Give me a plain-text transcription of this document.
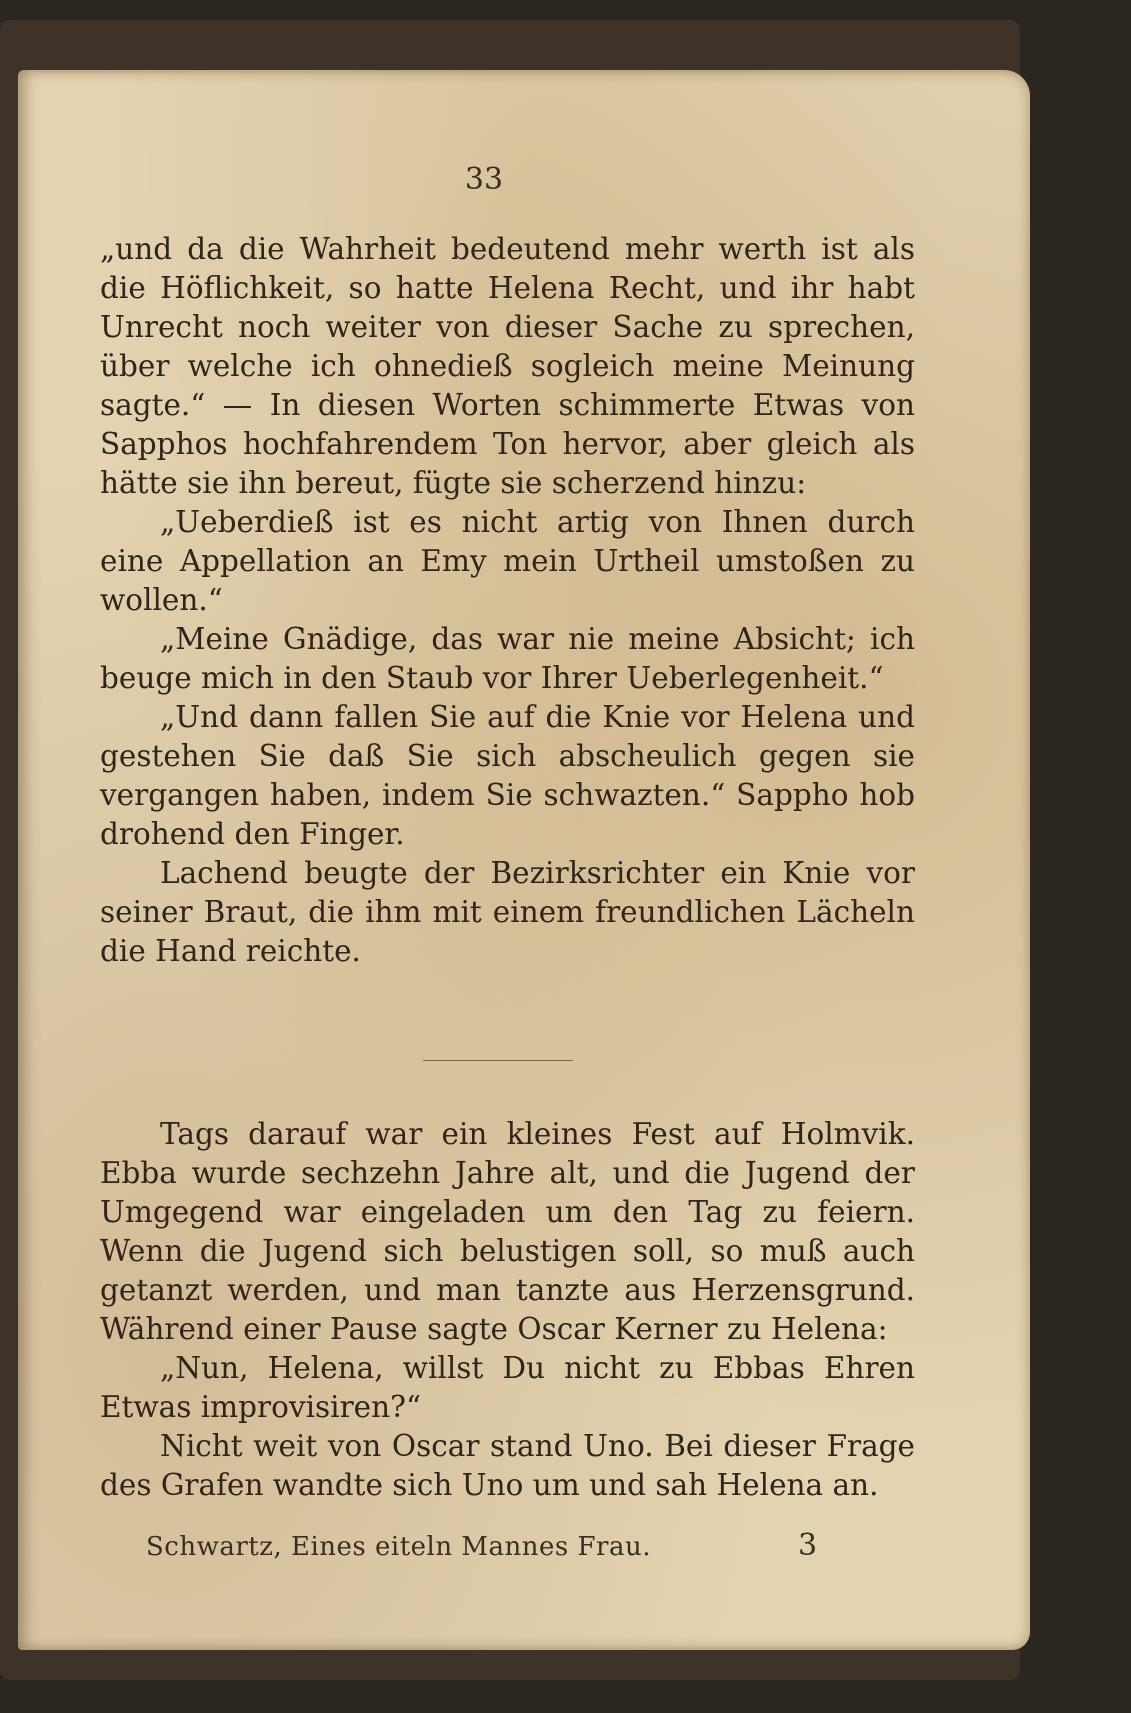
33

„und da die Wahrheit bedeutend mehr werth ist als die Höflichkeit, so hatte Helena Recht, und ihr habt Unrecht noch weiter von dieser Sache zu sprechen, über welche ich ohnedieß sogleich meine Meinung sagte.“ — In diesen Worten schimmerte Etwas von Sapphos hochfahrendem Ton hervor, aber gleich als hätte sie ihn bereut, fügte sie scherzend hinzu:

„Ueberdieß ist es nicht artig von Ihnen durch eine Appellation an Emy mein Urtheil umstoßen zu wollen.“

„Meine Gnädige, das war nie meine Absicht; ich beuge mich in den Staub vor Ihrer Ueberlegenheit.“

„Und dann fallen Sie auf die Knie vor Helena und gestehen Sie daß Sie sich abscheulich gegen sie vergangen haben, indem Sie schwazten.“ Sappho hob drohend den Finger.

Lachend beugte der Bezirksrichter ein Knie vor seiner Braut, die ihm mit einem freundlichen Lächeln die Hand reichte.

Tags darauf war ein kleines Fest auf Holmvik. Ebba wurde sechzehn Jahre alt, und die Jugend der Umgegend war eingeladen um den Tag zu feiern. Wenn die Jugend sich belustigen soll, so muß auch getanzt werden, und man tanzte aus Herzensgrund. Während einer Pause sagte Oscar Kerner zu Helena:

„Nun, Helena, willst Du nicht zu Ebbas Ehren Etwas improvisiren?“

Nicht weit von Oscar stand Uno. Bei dieser Frage des Grafen wandte sich Uno um und sah Helena an.

Schwartz, Eines eiteln Mannes Frau.	3
